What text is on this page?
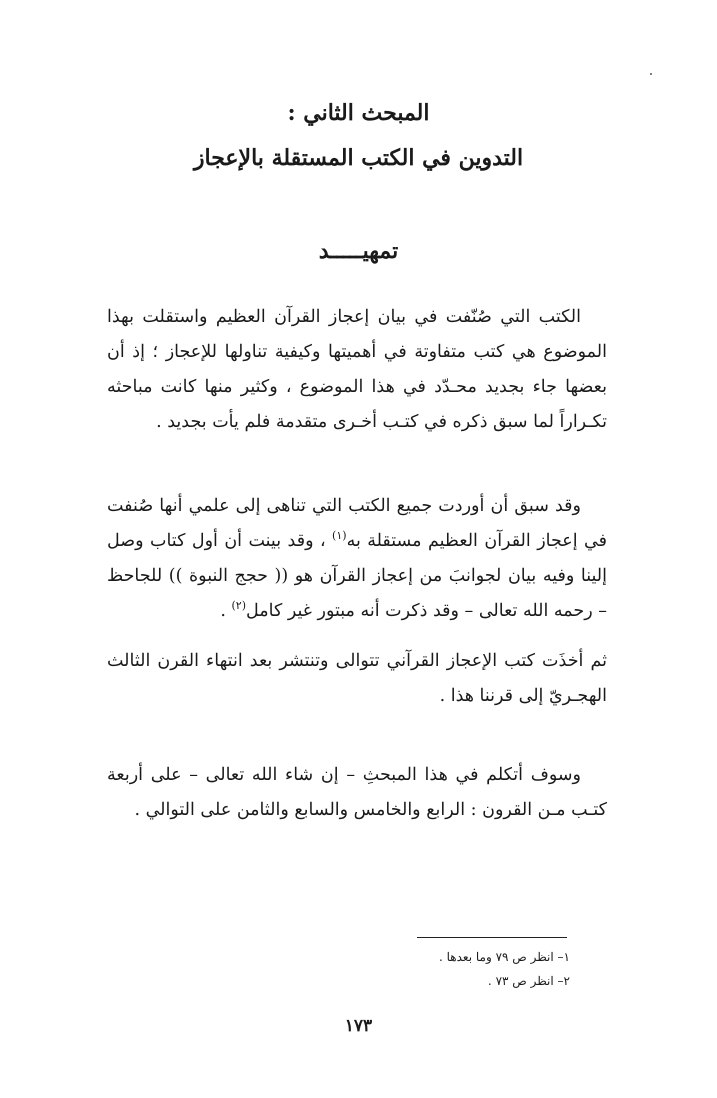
المبحث الثاني :
التدوين في الكتب المستقلة بالإعجاز
تمهيـــــد
الكتب التي صُنّفت في بيان إعجاز القرآن العظيم واستقلت بهذا الموضوع هي كتب متفاوتة في أهميتها وكيفية تناولها للإعجاز ؛ إذ أن بعضها جاء بجديد محـدّد في هذا الموضوع ، وكثير منها كانت مباحثه تكـراراً لما سبق ذكره في كتـب أخـرى متقدمة فلم يأت بجديد .
وقد سبق أن أوردت جميع الكتب التي تناهى إلى علمي أنها صُنفت في إعجاز القرآن العظيم مستقلة به$^{(١)}$ ، وقد بينت أن أول كتاب وصل إلينا وفيه بيان لجوانبَ من إعجاز القرآن هو (( حجج النبوة )) للجاحظ – رحمه الله تعالى – وقد ذكرت أنه مبتور غير كامل$^{(٢)}$ .
ثم أخذَت كتب الإعجاز القرآني تتوالى وتنتشر بعد انتهاء القرن الثالث الهجـريّ إلى قرننا هذا .
وسوف أتكلم في هذا المبحثِ – إن شاء الله تعالى – على أربعة كتـب مـن القرون : الرابع والخامس والسابع والثامن على التوالي .
١– انظر ص ٧٩ وما بعدها .
٢– انظر ص ٧٣ .
١٧٣
